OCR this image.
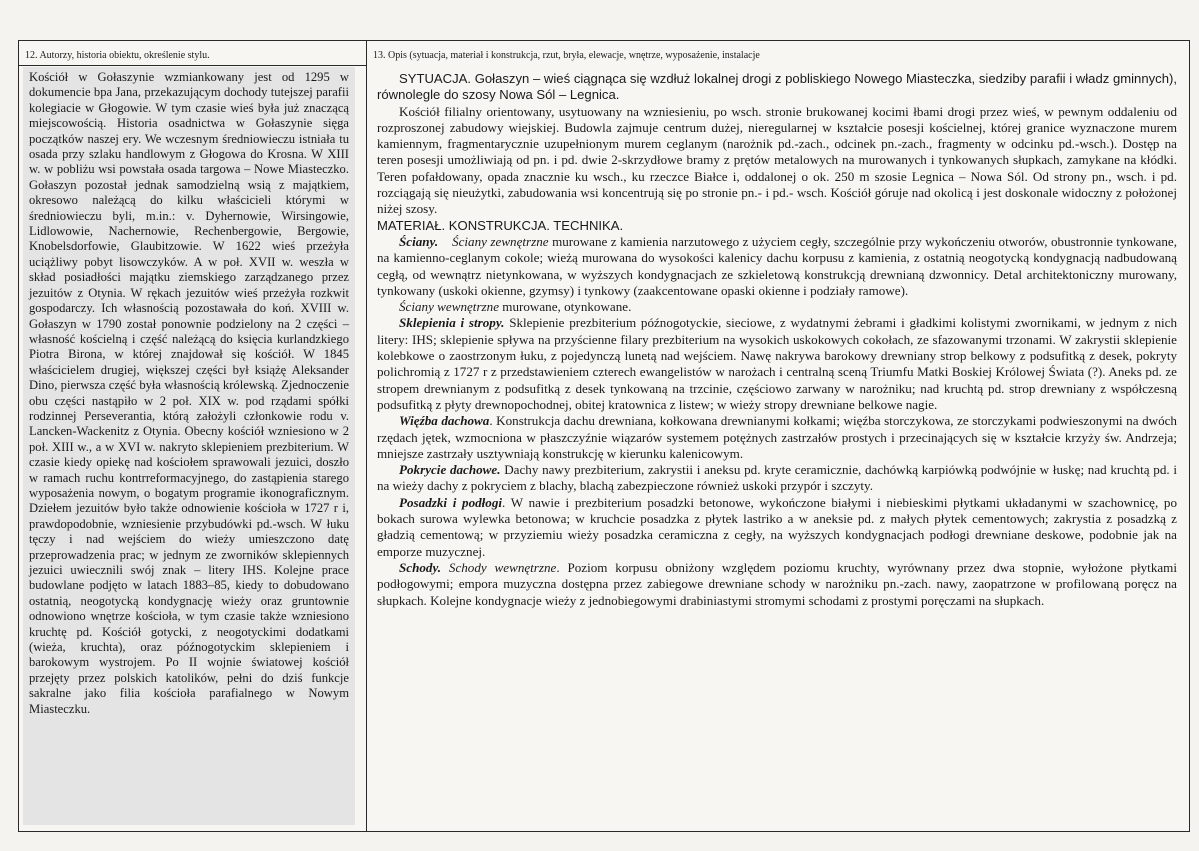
12. Autorzy, historia obiektu, określenie stylu.

Kościół w Gołaszynie wzmiankowany jest od 1295 w dokumencie bpa Jana, przekazującym dochody tutejszej parafii kolegiacie w Głogowie. W tym czasie wieś była już znaczącą miejscowością. Historia osadnictwa w Gołaszynie sięga początków naszej ery. We wczesnym średniowieczu istniała tu osada przy szlaku handlowym z Głogowa do Krosna. W XIII w. w pobliżu wsi powstała osada targowa – Nowe Miasteczko. Gołaszyn pozostał jednak samodzielną wsią z majątkiem, okresowo należącą do kilku właścicieli którymi w średniowieczu byli, m.in.: v. Dyhernowie, Wirsingowie, Lidlowowie, Nachernowie, Rechenbergowie, Bergowie, Knobelsdorfowie, Glaubitzowie. W 1622 wieś przeżyła uciążliwy pobyt lisowczyków. A w poł. XVII w. weszła w skład posiadłości majątku ziemskiego zarządzanego przez jezuitów z Otynia. W rękach jezuitów wieś przeżyła rozkwit gospodarczy. Ich własnością pozostawała do koń. XVIII w. Gołaszyn w 1790 został ponownie podzielony na 2 części – własność kościelną i część należącą do księcia kurlandzkiego Piotra Birona, w której znajdował się kościół. W 1845 właścicielem drugiej, większej części był książę Aleksander Dino, pierwsza część była własnością królewską. Zjednoczenie obu części nastąpiło w 2 poł. XIX w. pod rządami spółki rodzinnej Perseverantia, którą założyli członkowie rodu v. Lancken-Wackenitz z Otynia. Obecny kościół wzniesiono w 2 poł. XIII w., a w XVI w. nakryto sklepieniem prezbiterium. W czasie kiedy opiekę nad kościołem sprawowali jezuici, doszło w ramach ruchu kontrreformacyjnego, do zastąpienia starego wyposażenia nowym, o bogatym programie ikonograficznym. Dziełem jezuitów było także odnowienie kościoła w 1727 r i, prawdopodobnie, wzniesienie przybudówki pd.-wsch. W łuku tęczy i nad wejściem do wieży umieszczono datę przeprowadzenia prac; w jednym ze zworników sklepiennych jezuici uwiecznili swój znak – litery IHS. Kolejne prace budowlane podjęto w latach 1883–85, kiedy to dobudowano ostatnią, neogotycką kondygnację wieży oraz gruntownie odnowiono wnętrze kościoła, w tym czasie także wzniesiono kruchtę pd. Kościół gotycki, z neogotyckimi dodatkami (wieża, kruchta), oraz późnogotyckim sklepieniem i barokowym wystrojem. Po II wojnie światowej kościół przejęty przez polskich katolików, pełni do dziś funkcje sakralne jako filia kościoła parafialnego w Nowym Miasteczku.

13. Opis (sytuacja, materiał i konstrukcja, rzut, bryła, elewacje, wnętrze, wyposażenie, instalacje

SYTUACJA. Gołaszyn – wieś ciągnąca się wzdłuż lokalnej drogi z pobliskiego Nowego Miasteczka, siedziby parafii i władz gminnych), równolegle do szosy Nowa Sól – Legnica.

Kościół filialny orientowany, usytuowany na wzniesieniu, po wsch. stronie brukowanej kocimi łbami drogi przez wieś, w pewnym oddaleniu od rozproszonej zabudowy wiejskiej. Budowla zajmuje centrum dużej, nieregularnej w kształcie posesji kościelnej, której granice wyznaczone murem kamiennym, fragmentarycznie uzupełnionym murem ceglanym (narożnik pd.-zach., odcinek pn.-zach., fragmenty w odcinku pd.-wsch.). Dostęp na teren posesji umożliwiają od pn. i pd. dwie 2-skrzydłowe bramy z prętów metalowych na murowanych i tynkowanych słupkach, zamykane na kłódki. Teren pofałdowany, opada znacznie ku wsch., ku rzeczce Białce i, oddalonej o ok. 250 m szosie Legnica – Nowa Sól. Od strony pn., wsch. i pd. rozciągają się nieużytki, zabudowania wsi koncentrują się po stronie pn.- i pd.- wsch. Kościół góruje nad okolicą i jest doskonale widoczny z położonej niżej szosy.

MATERIAŁ. KONSTRUKCJA. TECHNIKA.

Ściany. Ściany zewnętrzne murowane z kamienia narzutowego z użyciem cegły, szczególnie przy wykończeniu otworów, obustronnie tynkowane, na kamienno-ceglanym cokole; wieżą murowana do wysokości kalenicy dachu korpusu z kamienia, z ostatnią neogotycką kondygnacją nadbudowaną cegłą, od wewnątrz nietynkowana, w wyższych kondygnacjach ze szkieletową konstrukcją drewnianą dzwonnicy. Detal architektoniczny murowany, tynkowany (uskoki okienne, gzymsy) i tynkowy (zaakcentowane opaski okienne i podziały ramowe).

Ściany wewnętrzne murowane, otynkowane.

Sklepienia i stropy. Sklepienie prezbiterium późnogotyckie, sieciowe, z wydatnymi żebrami i gładkimi kolistymi zwornikami, w jednym z nich litery: IHS; sklepienie spływa na przyścienne filary prezbiterium na wysokich uskokowych cokołach, ze sfazowanymi trzonami. W zakrystii sklepienie kolebkowe o zaostrzonym łuku, z pojedynczą lunetą nad wejściem. Nawę nakrywa barokowy drewniany strop belkowy z podsufitką z desek, pokryty polichromią z 1727 r z przedstawieniem czterech ewangelistów w narożach i centralną sceną Triumfu Matki Boskiej Królowej Świata (?). Aneks pd. ze stropem drewnianym z podsufitką z desek tynkowaną na trzcinie, częściowo zarwany w narożniku; nad kruchtą pd. strop drewniany z współczesną podsufitką z płyty drewnopochodnej, obitej kratownica z listew; w wieży stropy drewniane belkowe nagie.

Więźba dachowa. Konstrukcja dachu drewniana, kołkowana drewnianymi kołkami; więźba storczykowa, ze storczykami podwieszonymi na dwóch rzędach jętek, wzmocniona w płaszczyźnie wiązarów systemem potężnych zastrzałów prostych i przecinających się w kształcie krzyży św. Andrzeja; mniejsze zastrzały usztywniają konstrukcję w kierunku kalenicowym.

Pokrycie dachowe. Dachy nawy prezbiterium, zakrystii i aneksu pd. kryte ceramicznie, dachówką karpiówką podwójnie w łuskę; nad kruchtą pd. i na wieży dachy z pokryciem z blachy, blachą zabezpieczone również uskoki przypór i szczyty.

Posadzki i podłogi. W nawie i prezbiterium posadzki betonowe, wykończone białymi i niebieskimi płytkami układanymi w szachownicę, po bokach surowa wylewka betonowa; w kruchcie posadzka z płytek lastriko a w aneksie pd. z małych płytek cementowych; zakrystia z posadzką z gładzią cementową; w przyziemiu wieży posadzka ceramiczna z cegły, na wyższych kondygnacjach podłogi drewniane deskowe, podobnie jak na emporze muzycznej.

Schody. Schody wewnętrzne. Poziom korpusu obniżony względem poziomu kruchty, wyrównany przez dwa stopnie, wyłożone płytkami podłogowymi; empora muzyczna dostępna przez zabiegowe drewniane schody w narożniku pn.-zach. nawy, zaopatrzone w profilowaną poręcz na słupkach. Kolejne kondygnacje wieży z jednobiegowymi drabiniastymi stromymi schodami z prostymi poręczami na słupkach.
